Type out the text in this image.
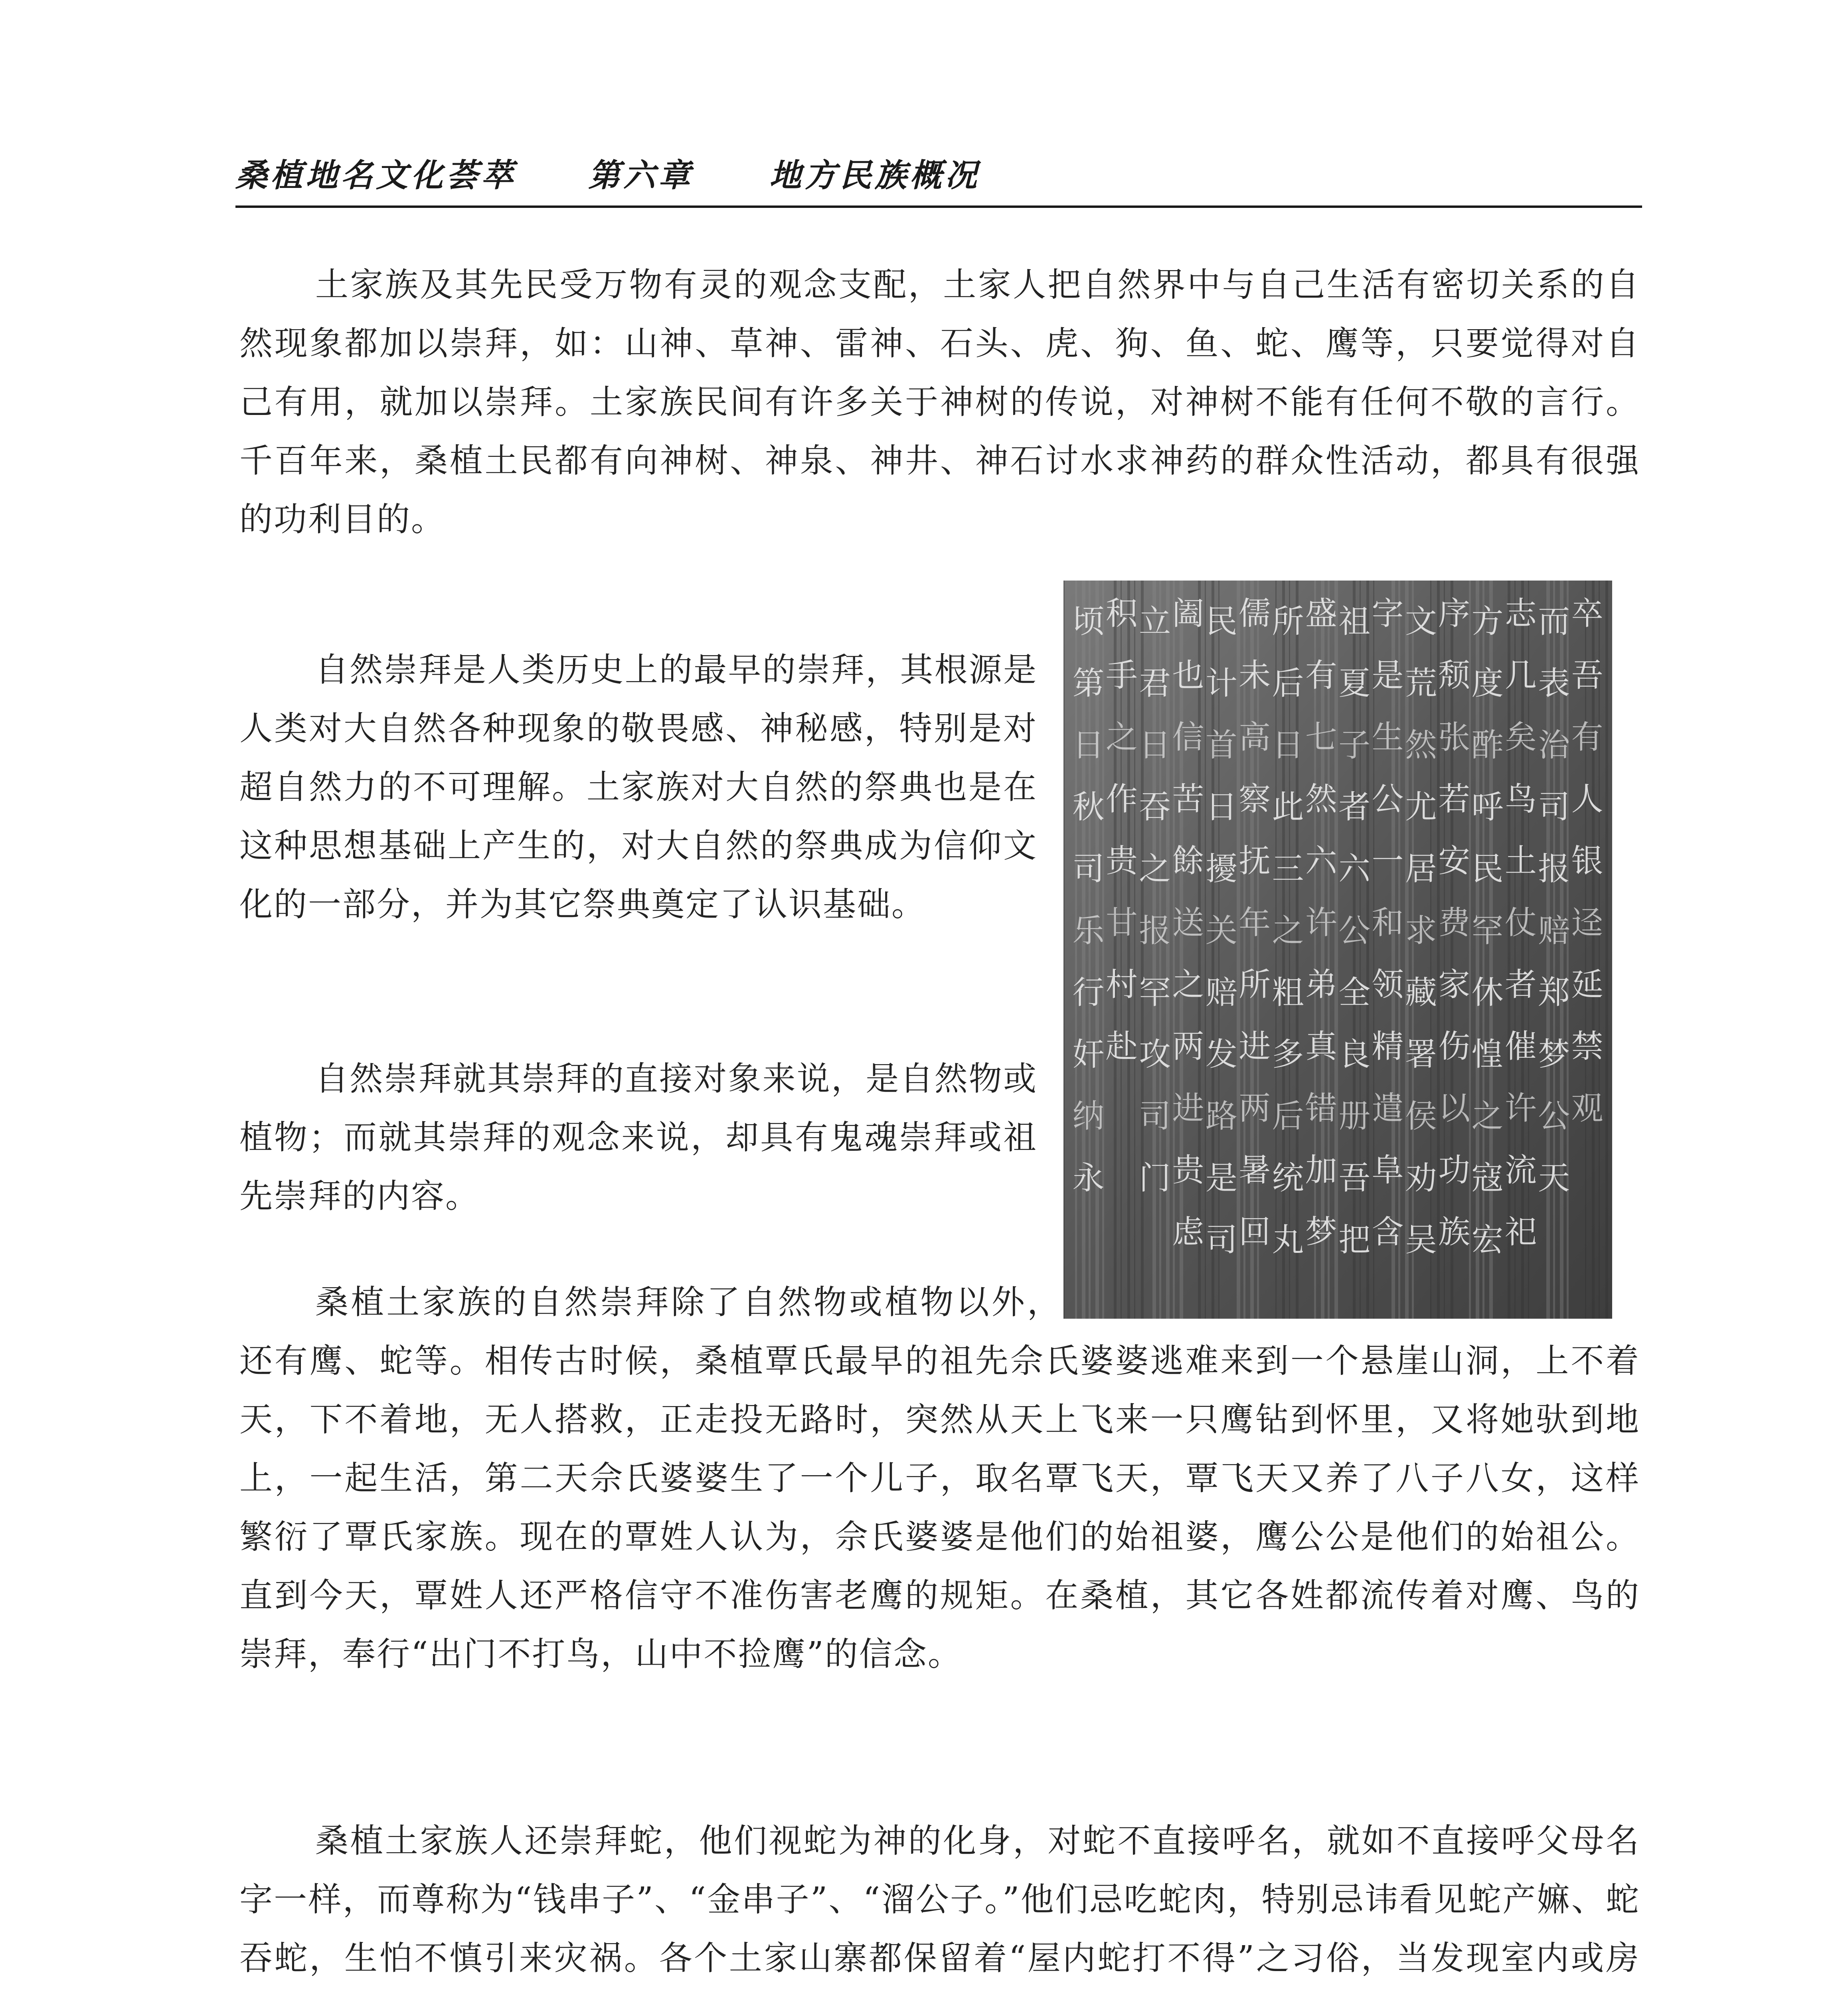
桑植地名文化荟萃 第六章 地方民族概况

土家族及其先民受万物有灵的观念支配，土家人把自然界中与自己生活有密切关系的自然现象都加以崇拜，如：山神、草神、雷神、石头、虎、狗、鱼、蛇、鹰等，只要觉得对自己有用，就加以崇拜。土家族民间有许多关于神树的传说，对神树不能有任何不敬的言行。千百年来，桑植土民都有向神树、神泉、神井、神石讨水求神药的群众性活动，都具有很强的功利目的。

卒
吾
有
人
银
迳
延
禁
观
而
表
治
司
报
赔
郑
梦
公
天
志
几
矣
鸟
土
仗
者
催
许
流
祀
方
度
酢
呼
民
罕
休
惶
之
寇
宏
序
颓
张
若
安
费
家
伤
以
功
族
文
荒
然
尤
居
求
藏
署
侯
劝
吴
字
是
生
公
一
和
领
精
遣
阜
含
祖
夏
子
者
六
公
全
良
册
吾
把
盛
有
七
然
六
许
弟
真
错
加
梦
所
后
日
此
三
之
粗
多
后
统
丸
儒
未
高
察
抚
年
所
进
两
暑
回
民
计
首
日
擾
关
赔
发
路
是
司
阖
也
信
苦
餘
送
之
两
进
贵
虑
立
君
日
吞
之
报
罕
攻
司
门
积
手
之
作
贵
甘
村
赴
顷
第
日
秋
司
乐
行
奸
纳
永

自然崇拜是人类历史上的最早的崇拜，其根源是人类对大自然各种现象的敬畏感、神秘感，特别是对超自然力的不可理解。土家族对大自然的祭典也是在这种思想基础上产生的，对大自然的祭典成为信仰文化的一部分，并为其它祭典奠定了认识基础。

自然崇拜就其崇拜的直接对象来说，是自然物或植物；而就其崇拜的观念来说，却具有鬼魂崇拜或祖先崇拜的内容。

桑植土家族的自然崇拜除了自然物或植物以外，还有鹰、蛇等。相传古时候，桑植覃氏最早的祖先佘氏婆婆逃难来到一个悬崖山洞，上不着天，下不着地，无人搭救，正走投无路时，突然从天上飞来一只鹰钻到怀里，又将她驮到地上，一起生活，第二天佘氏婆婆生了一个儿子，取名覃飞天，覃飞天又养了八子八女，这样繁衍了覃氏家族。现在的覃姓人认为，佘氏婆婆是他们的始祖婆，鹰公公是他们的始祖公。直到今天，覃姓人还严格信守不准伤害老鹰的规矩。在桑植，其它各姓都流传着对鹰、鸟的崇拜，奉行“出门不打鸟，山中不捡鹰”的信念。

桑植土家族人还崇拜蛇，他们视蛇为神的化身，对蛇不直接呼名，就如不直接呼父母名字一样，而尊称为“钱串子”、“金串子”、“溜公子。”他们忌吃蛇肉，特别忌讳看见蛇产嫲、蛇吞蛇，生怕不慎引来灾祸。各个土家山寨都保留着“屋内蛇打不得”之习俗，当发现室内或房
